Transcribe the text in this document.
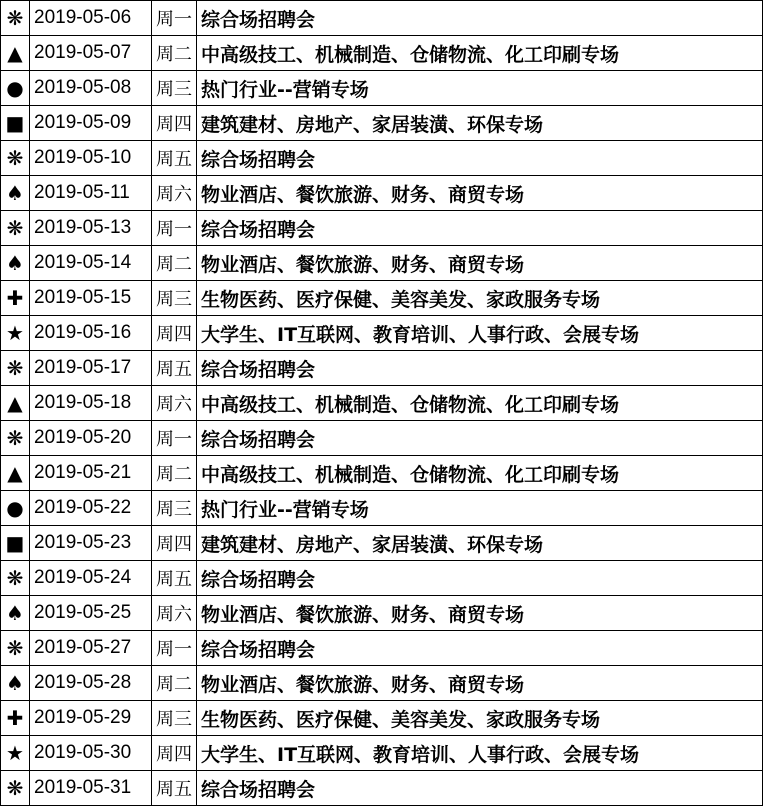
❋	2019-05-06	周一	综合场招聘会
▲	2019-05-07	周二	中高级技工、机械制造、仓储物流、化工印刷专场
●	2019-05-08	周三	热门行业--营销专场
■	2019-05-09	周四	建筑建材、房地产、家居装潢、环保专场
❋	2019-05-10	周五	综合场招聘会
♠	2019-05-11	周六	物业酒店、餐饮旅游、财务、商贸专场
❋	2019-05-13	周一	综合场招聘会
♠	2019-05-14	周二	物业酒店、餐饮旅游、财务、商贸专场
✚	2019-05-15	周三	生物医药、医疗保健、美容美发、家政服务专场
★	2019-05-16	周四	大学生、IT互联网、教育培训、人事行政、会展专场
❋	2019-05-17	周五	综合场招聘会
▲	2019-05-18	周六	中高级技工、机械制造、仓储物流、化工印刷专场
❋	2019-05-20	周一	综合场招聘会
▲	2019-05-21	周二	中高级技工、机械制造、仓储物流、化工印刷专场
●	2019-05-22	周三	热门行业--营销专场
■	2019-05-23	周四	建筑建材、房地产、家居装潢、环保专场
❋	2019-05-24	周五	综合场招聘会
♠	2019-05-25	周六	物业酒店、餐饮旅游、财务、商贸专场
❋	2019-05-27	周一	综合场招聘会
♠	2019-05-28	周二	物业酒店、餐饮旅游、财务、商贸专场
✚	2019-05-29	周三	生物医药、医疗保健、美容美发、家政服务专场
★	2019-05-30	周四	大学生、IT互联网、教育培训、人事行政、会展专场
❋	2019-05-31	周五	综合场招聘会
